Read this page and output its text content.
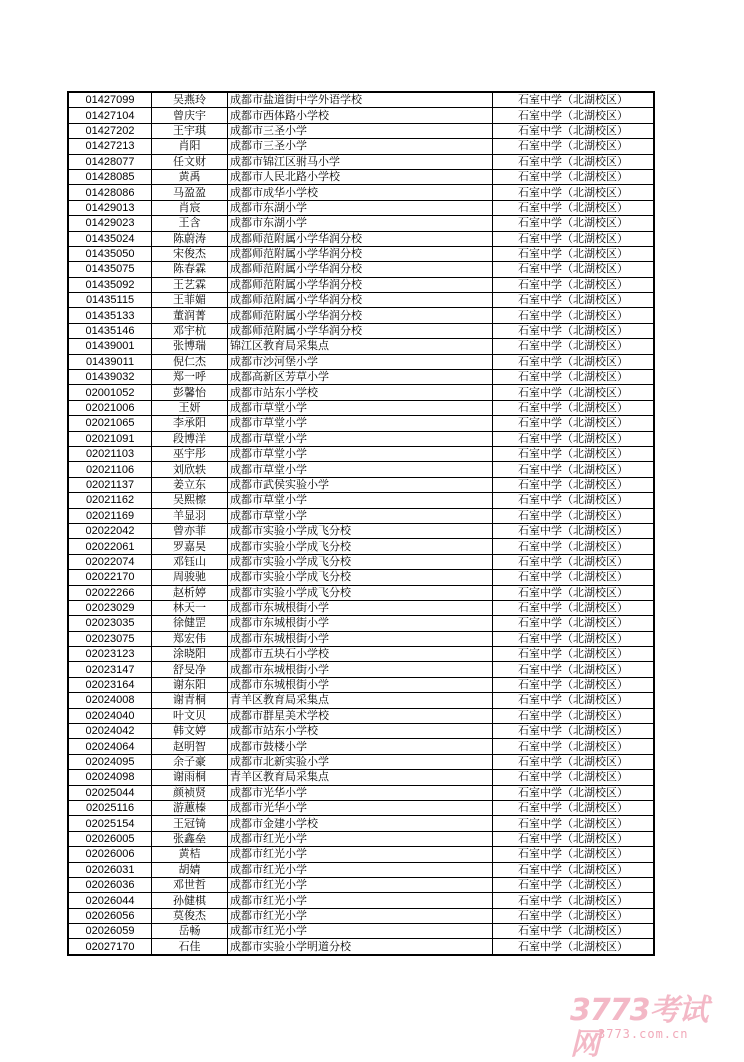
01427099	吴燕玲	成都市盐道街中学外语学校	石室中学（北湖校区）
01427104	曾庆宇	成都市西体路小学校	石室中学（北湖校区）
01427202	王宇琪	成都市三圣小学	石室中学（北湖校区）
01427213	肖阳	成都市三圣小学	石室中学（北湖校区）
01428077	任文财	成都市锦江区驸马小学	石室中学（北湖校区）
01428085	黄禹	成都市人民北路小学校	石室中学（北湖校区）
01428086	马盈盈	成都市成华小学校	石室中学（北湖校区）
01429013	肖宸	成都市东湖小学	石室中学（北湖校区）
01429023	王含	成都市东湖小学	石室中学（北湖校区）
01435024	陈蔚涛	成都师范附属小学华润分校	石室中学（北湖校区）
01435050	宋俊杰	成都师范附属小学华润分校	石室中学（北湖校区）
01435075	陈春霖	成都师范附属小学华润分校	石室中学（北湖校区）
01435092	王艺霖	成都师范附属小学华润分校	石室中学（北湖校区）
01435115	王菲媚	成都师范附属小学华润分校	石室中学（北湖校区）
01435133	董润菁	成都师范附属小学华润分校	石室中学（北湖校区）
01435146	邓宇杭	成都师范附属小学华润分校	石室中学（北湖校区）
01439001	张博瑞	锦江区教育局采集点	石室中学（北湖校区）
01439011	倪仁杰	成都市沙河堡小学	石室中学（北湖校区）
01439032	郑一呼	成都高新区芳草小学	石室中学（北湖校区）
02001052	彭馨怡	成都市站东小学校	石室中学（北湖校区）
02021006	王妍	成都市草堂小学	石室中学（北湖校区）
02021065	李承阳	成都市草堂小学	石室中学（北湖校区）
02021091	段博洋	成都市草堂小学	石室中学（北湖校区）
02021103	巫宇彤	成都市草堂小学	石室中学（北湖校区）
02021106	刘欣轶	成都市草堂小学	石室中学（北湖校区）
02021137	姜立东	成都市武侯实验小学	石室中学（北湖校区）
02021162	吴熙檫	成都市草堂小学	石室中学（北湖校区）
02021169	羊显羽	成都市草堂小学	石室中学（北湖校区）
02022042	曾亦菲	成都市实验小学成飞分校	石室中学（北湖校区）
02022061	罗嘉昊	成都市实验小学成飞分校	石室中学（北湖校区）
02022074	邓钰山	成都市实验小学成飞分校	石室中学（北湖校区）
02022170	周骏驰	成都市实验小学成飞分校	石室中学（北湖校区）
02022266	赵析婷	成都市实验小学成飞分校	石室中学（北湖校区）
02023029	林天一	成都市东城根街小学	石室中学（北湖校区）
02023035	徐健罡	成都市东城根街小学	石室中学（北湖校区）
02023075	郑宏伟	成都市东城根街小学	石室中学（北湖校区）
02023123	涂晓阳	成都市五块石小学校	石室中学（北湖校区）
02023147	舒旻净	成都市东城根街小学	石室中学（北湖校区）
02023164	谢东阳	成都市东城根街小学	石室中学（北湖校区）
02024008	谢青桐	青羊区教育局采集点	石室中学（北湖校区）
02024040	叶文贝	成都市群星美术学校	石室中学（北湖校区）
02024042	韩文婷	成都市站东小学校	石室中学（北湖校区）
02024064	赵明智	成都市鼓楼小学	石室中学（北湖校区）
02024095	余子豪	成都市北新实验小学	石室中学（北湖校区）
02024098	谢雨桐	青羊区教育局采集点	石室中学（北湖校区）
02025044	颜祯贤	成都市光华小学	石室中学（北湖校区）
02025116	游蕙榛	成都市光华小学	石室中学（北湖校区）
02025154	王冠锜	成都市金建小学校	石室中学（北湖校区）
02026005	张鑫垒	成都市红光小学	石室中学（北湖校区）
02026006	黄桔	成都市红光小学	石室中学（北湖校区）
02026031	胡婧	成都市红光小学	石室中学（北湖校区）
02026036	邓世哲	成都市红光小学	石室中学（北湖校区）
02026044	孙健棋	成都市红光小学	石室中学（北湖校区）
02026056	莫俊杰	成都市红光小学	石室中学（北湖校区）
02026059	岳畅	成都市红光小学	石室中学（北湖校区）
02027170	石佳	成都市实验小学明道分校	石室中学（北湖校区）
3773考试网 3773.com.cn
